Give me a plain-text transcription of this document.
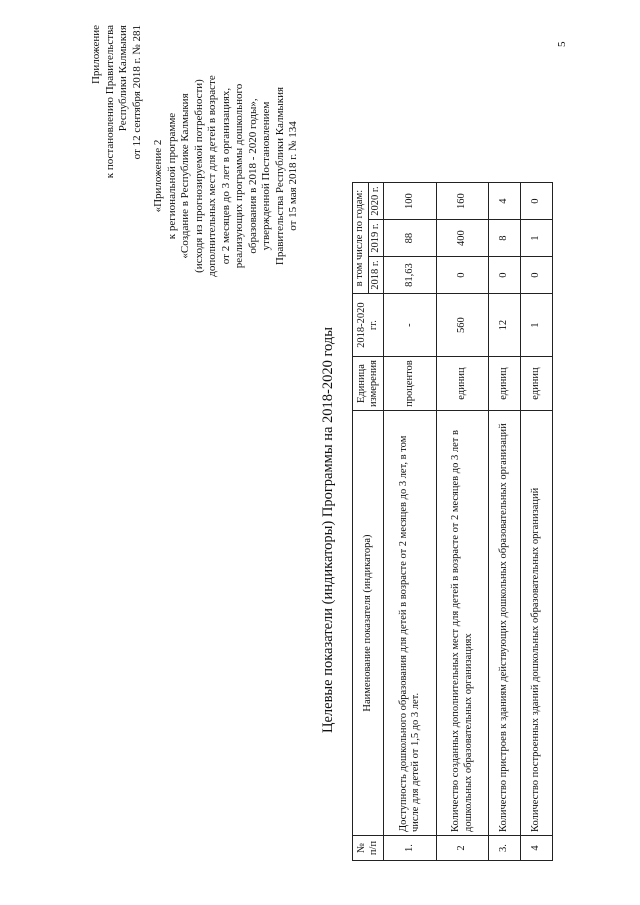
5
Приложение к постановлению Правительства Республики Калмыкия от 12 сентября 2018 г. № 281
«Приложение 2 к региональной программе «Создание в Республике Калмыкия (исходя из прогнозируемой потребности) дополнительных мест для детей в возрасте от 2 месяцев до 3 лет в организациях, реализующих программы дошкольного образования в 2018 - 2020 годы», утвержденной Постановлением Правительства Республики Калмыкия от 15 мая 2018 г. № 134
Целевые показатели (индикаторы) Программы на 2018-2020 годы
№ п/п	Наименование показателя (индикатора)	Единица измерения	2018-2020 гг.	в том числе по годам:		
				2018 г.	2019 г.	2020 г.
1.	Доступность дошкольного образования для детей в возрасте от 2 месяцев до 3 лет, в том числе для детей от 1,5 до 3 лет.	процентов	-	81,63	88	100
2	Количество созданных дополнительных мест для детей в возрасте от 2 месяцев до 3 лет в дошкольных образовательных организациях	единиц	560	0	400	160
3.	Количество пристроев к зданиям действующих дошкольных образовательных организаций	единиц	12	0	8	4
4	Количество построенных зданий дошкольных образовательных организаций	единиц	1	0	1	0
